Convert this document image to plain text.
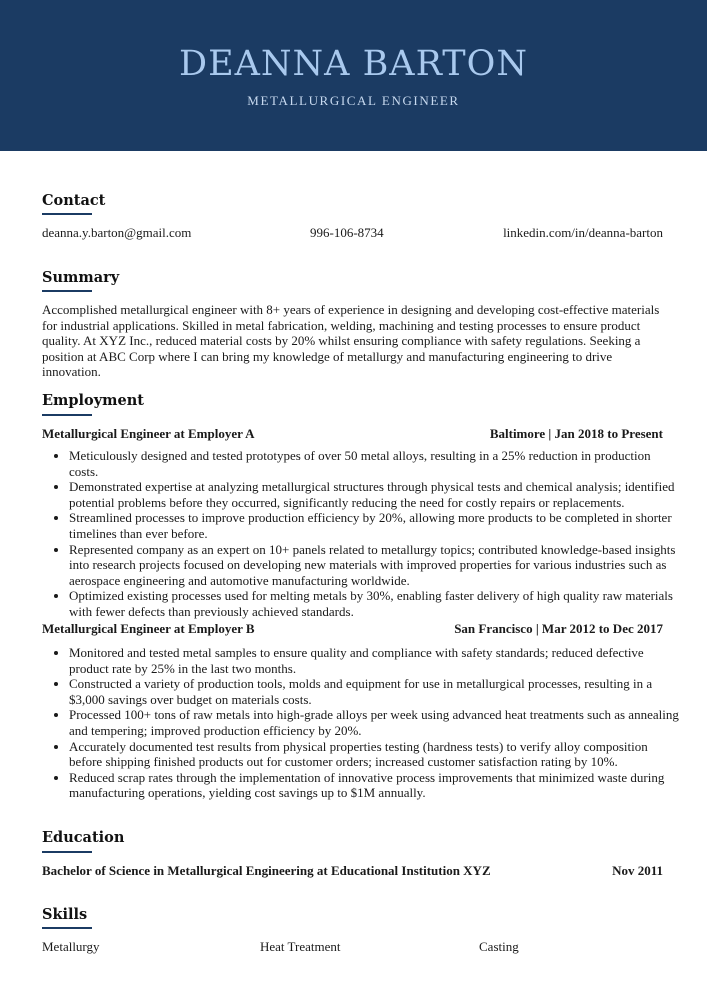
DEANNA BARTON
METALLURGICAL ENGINEER
Contact
deanna.y.barton@gmail.com	996-106-8734	linkedin.com/in/deanna-barton
Summary

Accomplished metallurgical engineer with 8+ years of experience in designing and developing cost-effective materials for industrial applications. Skilled in metal fabrication, welding, machining and testing processes to ensure product quality. At XYZ Inc., reduced material costs by 20% whilst ensuring compliance with safety regulations. Seeking a position at ABC Corp where I can bring my knowledge of metallurgy and manufacturing engineering to drive innovation.

Employment
Metallurgical Engineer at Employer A	Baltimore | Jan 2018 to Present
• Meticulously designed and tested prototypes of over 50 metal alloys, resulting in a 25% reduction in production costs.
• Demonstrated expertise at analyzing metallurgical structures through physical tests and chemical analysis; identified potential problems before they occurred, significantly reducing the need for costly repairs or replacements.
• Streamlined processes to improve production efficiency by 20%, allowing more products to be completed in shorter timelines than ever before.
• Represented company as an expert on 10+ panels related to metallurgy topics; contributed knowledge-based insights into research projects focused on developing new materials with improved properties for various industries such as aerospace engineering and automotive manufacturing worldwide.
• Optimized existing processes used for melting metals by 30%, enabling faster delivery of high quality raw materials with fewer defects than previously achieved standards.
Metallurgical Engineer at Employer B	San Francisco | Mar 2012 to Dec 2017
• Monitored and tested metal samples to ensure quality and compliance with safety standards; reduced defective product rate by 25% in the last two months.
• Constructed a variety of production tools, molds and equipment for use in metallurgical processes, resulting in a $3,000 savings over budget on materials costs.
• Processed 100+ tons of raw metals into high-grade alloys per week using advanced heat treatments such as annealing and tempering; improved production efficiency by 20%.
• Accurately documented test results from physical properties testing (hardness tests) to verify alloy composition before shipping finished products out for customer orders; increased customer satisfaction rating by 10%.
• Reduced scrap rates through the implementation of innovative process improvements that minimized waste during manufacturing operations, yielding cost savings up to $1M annually.
Education
Bachelor of Science in Metallurgical Engineering at Educational Institution XYZ	Nov 2011
Skills
Metallurgy	Heat Treatment	Casting
